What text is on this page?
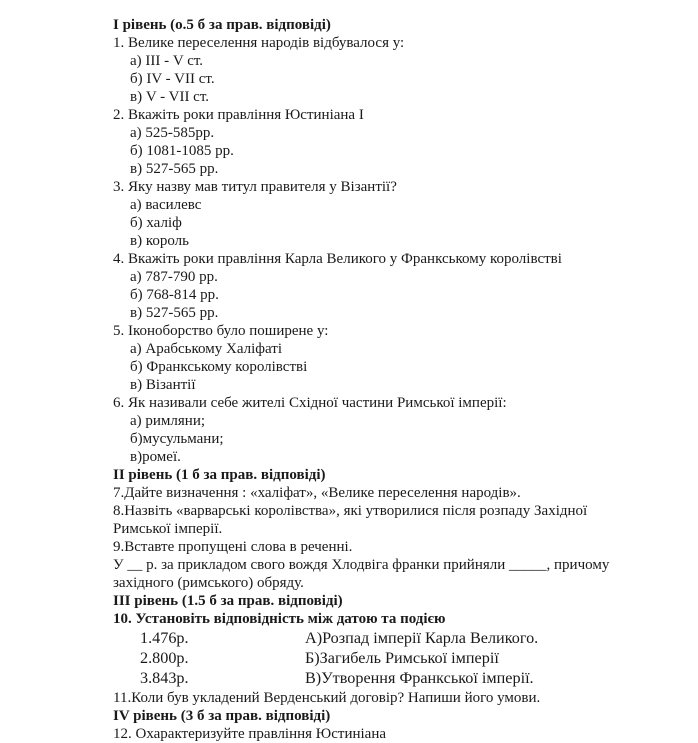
І рівень (о.5 б за прав. відповіді)
1. Велике переселення народів відбувалося у:
а) ІІІ - V ст.
б) IV - VІІ ст.
в) V - VІІ ст.
2. Вкажіть роки правління Юстиніана І
а) 525-585рр.
б) 1081-1085 рр.
в) 527-565 рр.
3. Яку назву мав титул правителя у Візантії?
а) василевс
б) халіф
в) король
4. Вкажіть роки правління Карла Великого у Франкському королівстві
а) 787-790 рр.
б) 768-814 рр.
в) 527-565 рр.
5. Іконоборство було поширене у:
а) Арабському Халіфаті
б) Франкському королівстві
в) Візантії
6. Як називали себе жителі Східної частини Римської імперії:
а) римляни;
б)мусульмани;
в)ромеї.
ІІ рівень (1 б за прав. відповіді)
7.Дайте визначення : «халіфат», «Велике переселення народів».
8.Назвіть «варварські королівства», які утворилися після розпаду Західної
Римської імперії.
9.Вставте пропущені слова в реченні.
У __ р. за прикладом свого вождя Хлодвіга франки прийняли _____, причому
західного (римського) обряду.
ІІІ рівень (1.5 б за прав. відповіді)
10. Установіть відповідність між датою та подією
1.476р.	А)Розпад імперії Карла Великого.
2.800р.	Б)Загибель Римської імперії
3.843р.	В)Утворення Франкської імперії.
11.Коли був укладений Верденський договір? Напиши його умови.
IV рівень (3 б за прав. відповіді)
12. Охарактеризуйте правління Юстиніана
